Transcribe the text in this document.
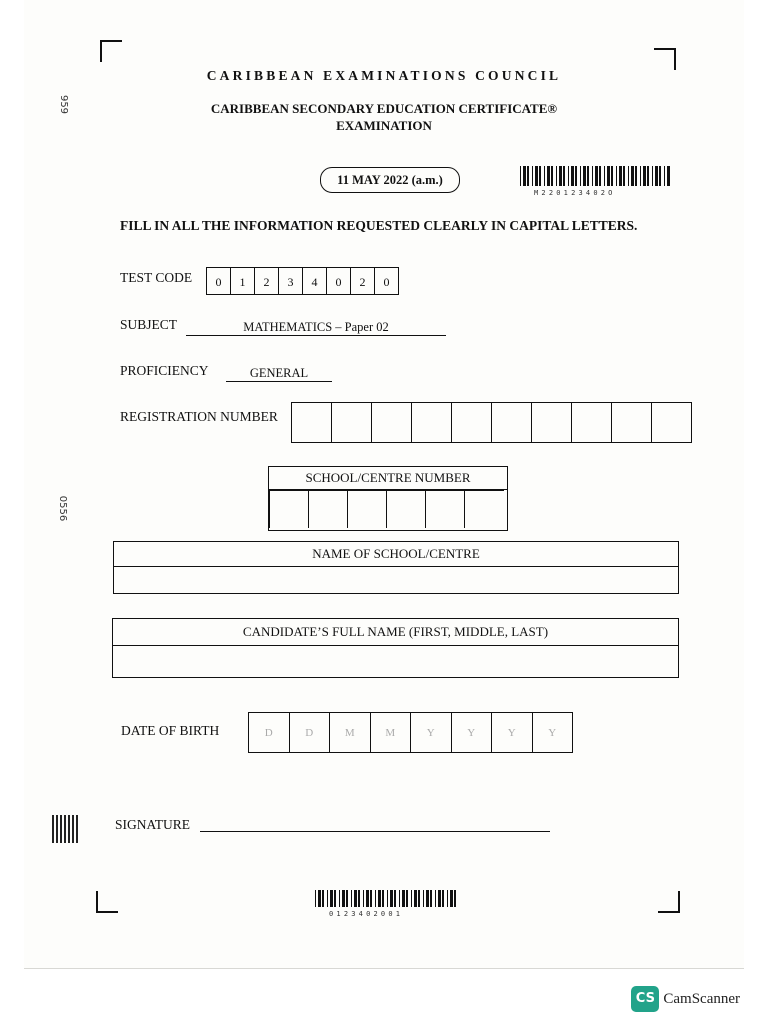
959
0556
CARIBBEAN EXAMINATIONS COUNCIL
CARIBBEAN SECONDARY EDUCATION CERTIFICATE®
EXAMINATION
11 MAY 2022 (a.m.)
M220123402O
FILL IN ALL THE INFORMATION REQUESTED CLEARLY IN CAPITAL LETTERS.
TEST CODE	0	1	2	3	4	0	2	0
SUBJECT	MATHEMATICS – Paper 02
PROFICIENCY	GENERAL
REGISTRATION NUMBER
SCHOOL/CENTRE NUMBER
NAME OF SCHOOL/CENTRE
CANDIDATE’S FULL NAME (FIRST, MIDDLE, LAST)
DATE OF BIRTH	D	D	M	M	Y	Y	Y	Y
SIGNATURE
0123402001
CS CamScanner
